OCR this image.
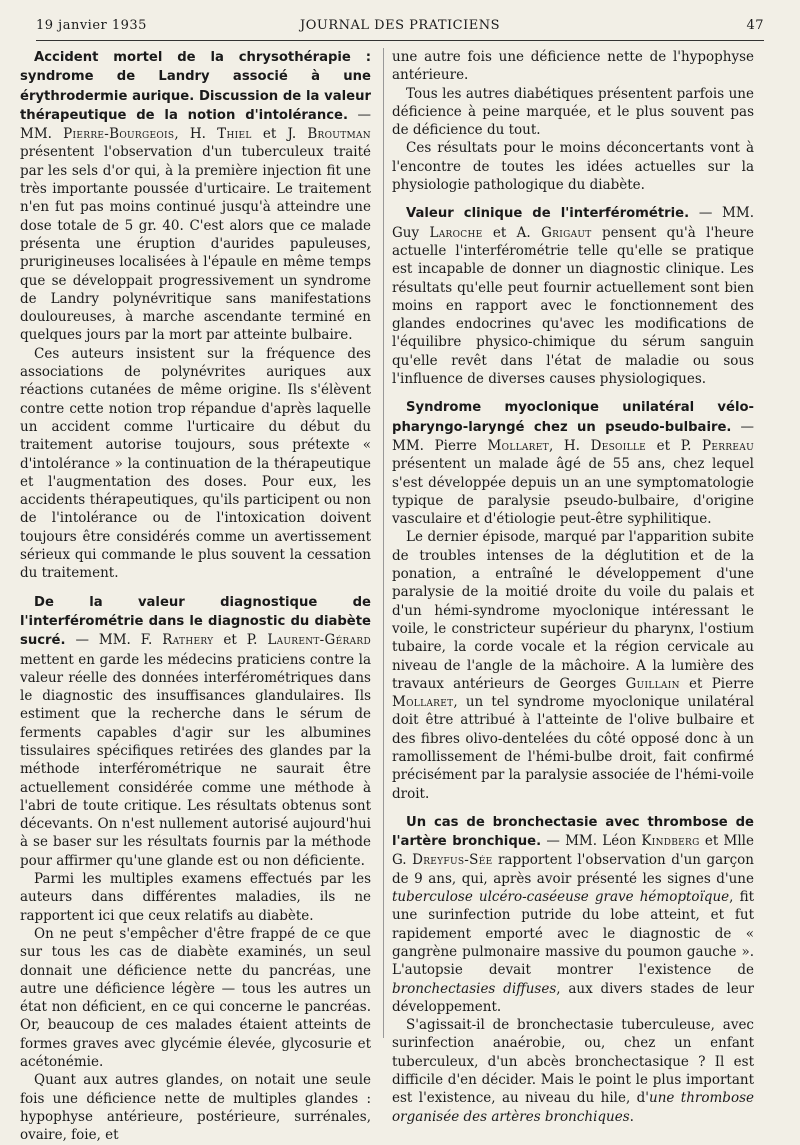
19 janvier 1935	JOURNAL DES PRATICIENS	47

Accident mortel de la chrysothérapie : syndrome de Landry associé à une érythrodermie aurique. Discussion de la valeur thérapeutique de la notion d'intolérance. — MM. Pierre-Bourgeois, H. Thiel et J. Broutman présentent l'observation d'un tuberculeux traité par les sels d'or qui, à la première injection fit une très importante poussée d'urticaire. Le traitement n'en fut pas moins continué jusqu'à atteindre une dose totale de 5 gr. 40. C'est alors que ce malade présenta une éruption d'aurides papuleuses, prurigineuses localisées à l'épaule en même temps que se développait progressivement un syndrome de Landry polynévritique sans manifestations douloureuses, à marche ascendante terminé en quelques jours par la mort par atteinte bulbaire.

Ces auteurs insistent sur la fréquence des associations de polynévrites auriques aux réactions cutanées de même origine. Ils s'élèvent contre cette notion trop répandue d'après laquelle un accident comme l'urticaire du début du traitement autorise toujours, sous prétexte « d'intolérance » la continuation de la thérapeutique et l'augmentation des doses. Pour eux, les accidents thérapeutiques, qu'ils participent ou non de l'intolérance ou de l'intoxication doivent toujours être considérés comme un avertissement sérieux qui commande le plus souvent la cessation du traitement.

De la valeur diagnostique de l'interférométrie dans le diagnostic du diabète sucré. — MM. F. Rathery et P. Laurent-Gérard mettent en garde les médecins praticiens contre la valeur réelle des données interférométriques dans le diagnostic des insuffisances glandulaires. Ils estiment que la recherche dans le sérum de ferments capables d'agir sur les albumines tissulaires spécifiques retirées des glandes par la méthode interférométrique ne saurait être actuellement considérée comme une méthode à l'abri de toute critique. Les résultats obtenus sont décevants. On n'est nullement autorisé aujourd'hui à se baser sur les résultats fournis par la méthode pour affirmer qu'une glande est ou non déficiente.

Parmi les multiples examens effectués par les auteurs dans différentes maladies, ils ne rapportent ici que ceux relatifs au diabète.

On ne peut s'empêcher d'être frappé de ce que sur tous les cas de diabète examinés, un seul donnait une déficience nette du pancréas, une autre une déficience légère — tous les autres un état non déficient, en ce qui concerne le pancréas. Or, beaucoup de ces malades étaient atteints de formes graves avec glycémie élevée, glycosurie et acétonémie.

Quant aux autres glandes, on notait une seule fois une déficience nette de multiples glandes : hypophyse antérieure, postérieure, surrénales, ovaire, foie, et

une autre fois une déficience nette de l'hypophyse antérieure.

Tous les autres diabétiques présentent parfois une déficience à peine marquée, et le plus souvent pas de déficience du tout.

Ces résultats pour le moins déconcertants vont à l'encontre de toutes les idées actuelles sur la physiologie pathologique du diabète.

Valeur clinique de l'interférométrie. — MM. Guy Laroche et A. Grigaut pensent qu'à l'heure actuelle l'interférométrie telle qu'elle se pratique est incapable de donner un diagnostic clinique. Les résultats qu'elle peut fournir actuellement sont bien moins en rapport avec le fonctionnement des glandes endocrines qu'avec les modifications de l'équilibre physico-chimique du sérum sanguin qu'elle revêt dans l'état de maladie ou sous l'influence de diverses causes physiologiques.

Syndrome myoclonique unilatéral vélo-pharyngo-laryngé chez un pseudo-bulbaire. — MM. Pierre Mollaret, H. Desoille et P. Perreau présentent un malade âgé de 55 ans, chez lequel s'est développée depuis un an une symptomatologie typique de paralysie pseudo-bulbaire, d'origine vasculaire et d'étiologie peut-être syphilitique.

Le dernier épisode, marqué par l'apparition subite de troubles intenses de la déglutition et de la ponation, a entraîné le développement d'une paralysie de la moitié droite du voile du palais et d'un hémi-syndrome myoclonique intéressant le voile, le constricteur supérieur du pharynx, l'ostium tubaire, la corde vocale et la région cervicale au niveau de l'angle de la mâchoire. A la lumière des travaux antérieurs de Georges Guillain et Pierre Mollaret, un tel syndrome myoclonique unilatéral doit être attribué à l'atteinte de l'olive bulbaire et des fibres olivo-dentelées du côté opposé donc à un ramollissement de l'hémi-bulbe droit, fait confirmé précisément par la paralysie associée de l'hémi-voile droit.

Un cas de bronchectasie avec thrombose de l'artère bronchique. — MM. Léon Kindberg et Mlle G. Dreyfus-Sée rapportent l'observation d'un garçon de 9 ans, qui, après avoir présenté les signes d'une tuberculose ulcéro-caséeuse grave hémoptoïque, fit une surinfection putride du lobe atteint, et fut rapidement emporté avec le diagnostic de « gangrène pulmonaire massive du poumon gauche ». L'autopsie devait montrer l'existence de bronchectasies diffuses, aux divers stades de leur développement.

S'agissait-il de bronchectasie tuberculeuse, avec surinfection anaérobie, ou, chez un enfant tuberculeux, d'un abcès bronchectasique ? Il est difficile d'en décider. Mais le point le plus important est l'existence, au niveau du hile, d'une thrombose organisée des artères bronchiques.
